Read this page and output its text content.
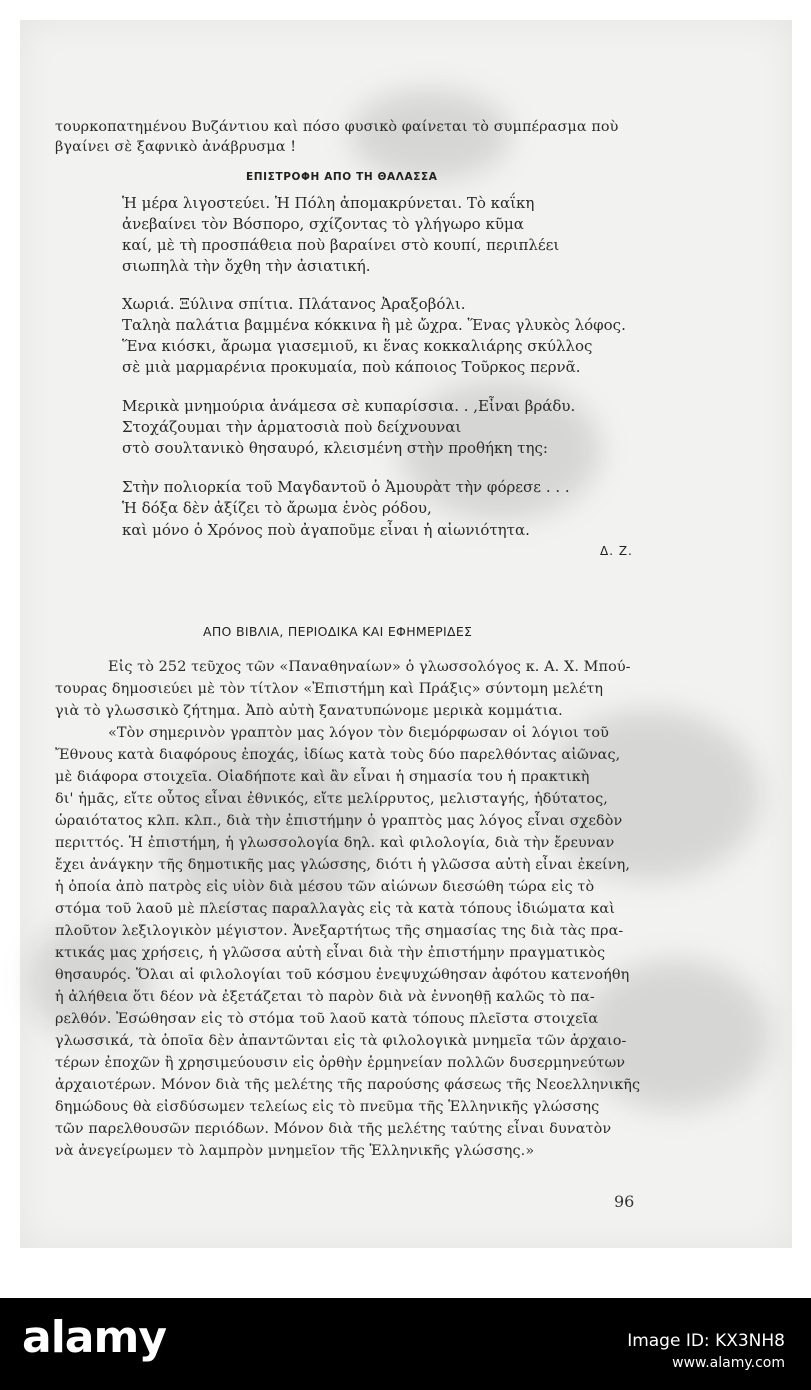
τουρκοπατημένου Βυζάντιου καὶ πόσο φυσικὸ φαίνεται τὸ συμπέρασμα ποὺ
βγαίνει σὲ ξαφνικὸ ἀνάβρυσμα !
ΕΠΙΣΤΡΟΦΗ ΑΠΟ ΤΗ ΘΑΛΑΣΣΑ
Ἡ μέρα λιγοστεύει. Ἡ Πόλη ἀπομακρύνεται. Τὸ καΐκη
ἀνεβαίνει τὸν Βόσπορο, σχίζοντας τὸ γλήγωρο κῦμα
καί, μὲ τὴ προσπάθεια ποὺ βαραίνει στὸ κουπί, περιπλέει
σιωπηλὰ τὴν ὄχθη τὴν ἀσιατική.
Χωριά. Ξύλινα σπίτια. Πλάτανος Ἀραξοβόλι.
Ταληὰ παλάτια βαμμένα κόκκινα ἢ μὲ ὤχρα. Ἕνας γλυκὸς λόφος.
Ἕνα κιόσκι, ἄρωμα γιασεμιοῦ, κι ἕνας κοκκαλιάρης σκύλλος
σὲ μιὰ μαρμαρένια προκυμαία, ποὺ κάποιος Τοῦρκος περνᾶ.
Μερικὰ μνημούρια ἀνάμεσα σὲ κυπαρίσσια. . ,Εἶναι βράδυ.
Στοχάζουμαι τὴν ἁρματοσιὰ ποὺ δείχνουναι
στὸ σουλτανικὸ θησαυρό, κλεισμένη στὴν προθήκη της:
Στὴν πολιορκία τοῦ Μαγδαντοῦ ὁ Ἀμουρὰτ τὴν φόρεσε . . .
Ἡ δόξα δὲν ἀξίζει τὸ ἄρωμα ἑνὸς ρόδου,
καὶ μόνο ὁ Χρόνος ποὺ ἀγαποῦμε εἶναι ἡ αἰωνιότητα.
Δ. Ζ.
ΑΠΟ ΒΙΒΛΙΑ, ΠΕΡΙΟΔΙΚΑ ΚΑΙ ΕΦΗΜΕΡΙΔΕΣ
Εἰς τὸ 252 τεῦχος τῶν «Παναθηναίων» ὁ γλωσσολόγος κ. Α. Χ. Μπού-
τουρας δημοσιεύει μὲ τὸν τίτλον «Ἐπιστήμη καὶ Πράξις» σύντομη μελέτη
γιὰ τὸ γλωσσικὸ ζήτημα. Ἀπὸ αὐτὴ ξανατυπώνομε μερικὰ κομμάτια.
«Τὸν σημερινὸν γραπτὸν μας λόγον τὸν διεμόρφωσαν οἱ λόγιοι τοῦ
Ἔθνους κατὰ διαφόρους ἐποχάς, ἰδίως κατὰ τοὺς δύο παρελθόντας αἰῶνας,
μὲ διάφορα στοιχεῖα. Οἱαδήποτε καὶ ἂν εἶναι ἡ σημασία του ἡ πρακτικὴ
δι' ἡμᾶς, εἴτε οὗτος εἶναι ἐθνικός, εἴτε μελίρρυτος, μελισταγής, ἡδύτατος,
ὡραιότατος κλπ. κλπ., διὰ τὴν ἐπιστήμην ὁ γραπτὸς μας λόγος εἶναι σχεδὸν
περιττός. Ἡ ἐπιστήμη, ἡ γλωσσολογία δηλ. καὶ φιλολογία, διὰ τὴν ἔρευναν
ἔχει ἀνάγκην τῆς δημοτικῆς μας γλώσσης, διότι ἡ γλῶσσα αὐτὴ εἶναι ἐκείνη,
ἡ ὁποία ἀπὸ πατρὸς εἰς υἱὸν διὰ μέσου τῶν αἰώνων διεσώθη τώρα εἰς τὸ
στόμα τοῦ λαοῦ μὲ πλείστας παραλλαγὰς εἰς τὰ κατὰ τόπους ἰδιώματα καὶ
πλοῦτον λεξιλογικὸν μέγιστον. Ἀνεξαρτήτως τῆς σημασίας της διὰ τὰς πρα-
κτικάς μας χρήσεις, ἡ γλῶσσα αὐτὴ εἶναι διὰ τὴν ἐπιστήμην πραγματικὸς
θησαυρός. Ὅλαι αἱ φιλολογίαι τοῦ κόσμου ἐνεψυχώθησαν ἀφότου κατενοήθη
ἡ ἀλήθεια ὅτι δέον νὰ ἐξετάζεται τὸ παρὸν διὰ νὰ ἐννοηθῇ καλῶς τὸ πα-
ρελθόν. Ἐσώθησαν εἰς τὸ στόμα τοῦ λαοῦ κατὰ τόπους πλεῖστα στοιχεῖα
γλωσσικά, τὰ ὁποῖα δὲν ἀπαντῶνται εἰς τὰ φιλολογικὰ μνημεῖα τῶν ἀρχαιο-
τέρων ἐποχῶν ἢ χρησιμεύουσιν εἰς ὀρθὴν ἑρμηνείαν πολλῶν δυσερμηνεύτων
ἀρχαιοτέρων. Μόνον διὰ τῆς μελέτης τῆς παρούσης φάσεως τῆς Νεοελληνικῆς
δημώδους θὰ εἰσδύσωμεν τελείως εἰς τὸ πνεῦμα τῆς Ἑλληνικῆς γλώσσης
τῶν παρελθουσῶν περιόδων. Μόνον διὰ τῆς μελέτης ταύτης εἶναι δυνατὸν
νὰ ἀνεγείρωμεν τὸ λαμπρὸν μνημεῖον τῆς Ἑλληνικῆς γλώσσης.»
96
alamy	Image ID: KX3NH8
www.alamy.com
